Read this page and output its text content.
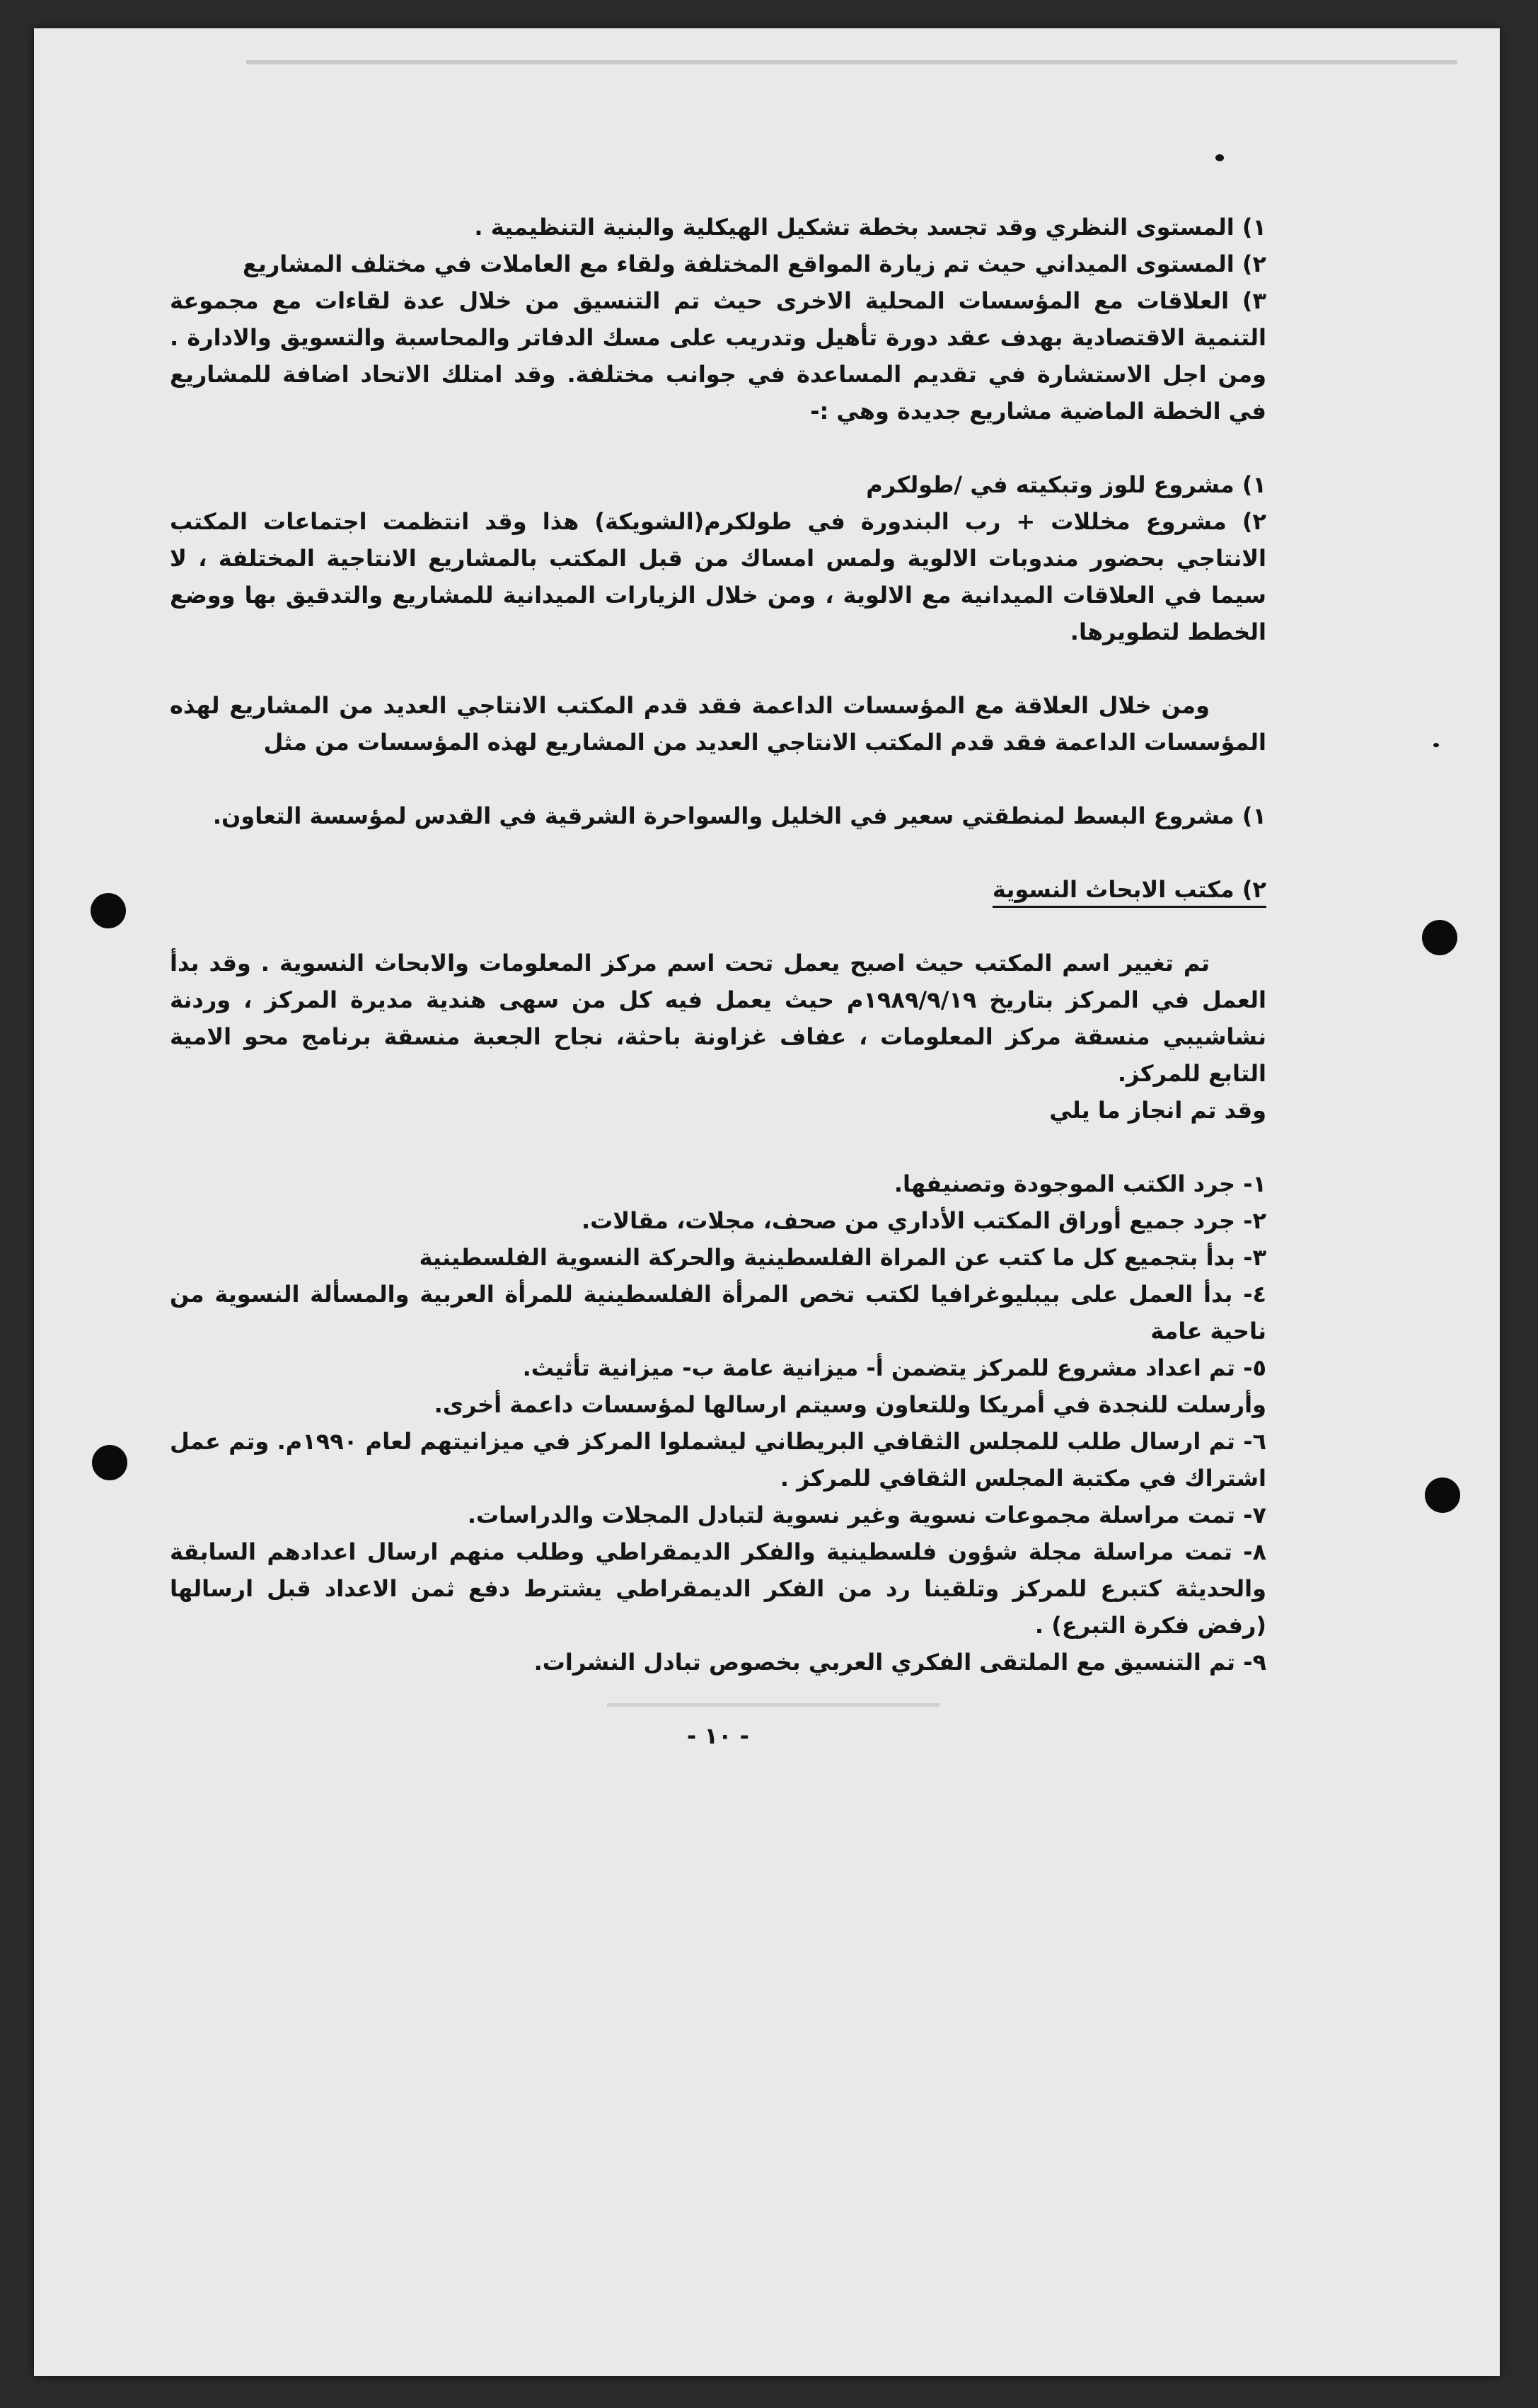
١) المستوى النظري وقد تجسد بخطة تشكيل الهيكلية والبنية التنظيمية .

٢) المستوى الميداني حيث تم زيارة المواقع المختلفة ولقاء مع العاملات في مختلف المشاريع

٣) العلاقات مع المؤسسات المحلية الاخرى حيث تم التنسيق من خلال عدة لقاءات مع مجموعة التنمية الاقتصادية بهدف عقد دورة تأهيل وتدريب على مسك الدفاتر والمحاسبة والتسويق والادارة . ومن اجل الاستشارة في تقديم المساعدة في جوانب مختلفة. وقد امتلك الاتحاد اضافة للمشاريع في الخطة الماضية مشاريع جديدة وهي :-

١) مشروع للوز وتبكيته في /طولكرم

٢) مشروع مخللات + رب البندورة في طولكرم(الشويكة) هذا وقد انتظمت اجتماعات المكتب الانتاجي بحضور مندوبات الالوية ولمس امساك من قبل المكتب بالمشاريع الانتاجية المختلفة ، لا سيما في العلاقات الميدانية مع الالوية ، ومن خلال الزيارات الميدانية للمشاريع والتدقيق بها ووضع الخطط لتطويرها.

ومن خلال العلاقة مع المؤسسات الداعمة فقد قدم المكتب الانتاجي العديد من المشاريع لهذه المؤسسات الداعمة فقد قدم المكتب الانتاجي العديد من المشاريع لهذه المؤسسات من مثل

١) مشروع البسط لمنطقتي سعير في الخليل والسواحرة الشرقية في القدس لمؤسسة التعاون.

٢) مكتب الابحاث النسوية

تم تغيير اسم المكتب حيث اصبح يعمل تحت اسم مركز المعلومات والابحاث النسوية . وقد بدأ العمل في المركز بتاريخ ١٩٨٩/٩/١٩م حيث يعمل فيه كل من سهى هندية مديرة المركز ، وردنة نشاشيبي منسقة مركز المعلومات ، عفاف غزاونة باحثة، نجاح الجعبة منسقة برنامج محو الامية التابع للمركز.

وقد تم انجاز ما يلي

١- جرد الكتب الموجودة وتصنيفها.

٢- جرد جميع أوراق المكتب الأداري من صحف، مجلات، مقالات.

٣- بدأ بتجميع كل ما كتب عن المراة الفلسطينية والحركة النسوية الفلسطينية

٤- بدأ العمل على بيبليوغرافيا لكتب تخص المرأة الفلسطينية للمرأة العربية والمسألة النسوية من ناحية عامة

٥- تم اعداد مشروع للمركز يتضمن أ- ميزانية عامة ب- ميزانية تأثيث.

وأرسلت للنجدة في أمريكا وللتعاون وسيتم ارسالها لمؤسسات داعمة أخرى.

٦- تم ارسال طلب للمجلس الثقافي البريطاني ليشملوا المركز في ميزانيتهم لعام ١٩٩٠م. وتم عمل اشتراك في مكتبة المجلس الثقافي للمركز .

٧- تمت مراسلة مجموعات نسوية وغير نسوية لتبادل المجلات والدراسات.

٨- تمت مراسلة مجلة شؤون فلسطينية والفكر الديمقراطي وطلب منهم ارسال اعدادهم السابقة والحديثة كتبرع للمركز وتلقينا رد من الفكر الديمقراطي يشترط دفع ثمن الاعداد قبل ارسالها (رفض فكرة التبرع) .

٩- تم التنسيق مع الملتقى الفكري العربي بخصوص تبادل النشرات.

- ١٠ -
